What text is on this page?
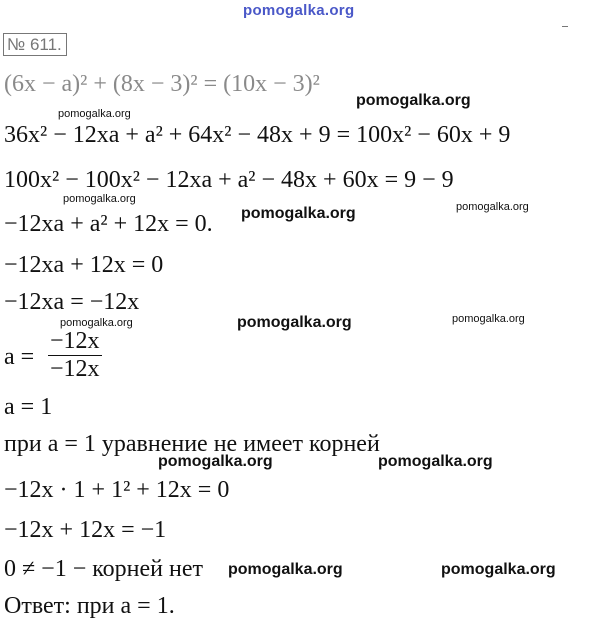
pomogalka.org
№ 611.
(6x − a)² + (8x − 3)² = (10x − 3)²
pomogalka.org
pomogalka.org
36x² − 12xa + a² + 64x² − 48x + 9 = 100x² − 60x + 9
100x² − 100x² − 12xa + a² − 48x + 60x = 9 − 9
pomogalka.org
pomogalka.org
−12xa + a² + 12x = 0. pomogalka.org
−12xa + 12x = 0
−12xa = −12x
pomogalka.org	pomogalka.org	pomogalka.org
$a = \frac{-12x}{-12x}$
a = 1
при a = 1 уравнение не имеет корней
pomogalka.org	pomogalka.org
−12x · 1 + 1² + 12x = 0
−12x + 12x = −1
0 ≠ −1 − корней нет pomogalka.org	pomogalka.org
Ответ: при a = 1.
